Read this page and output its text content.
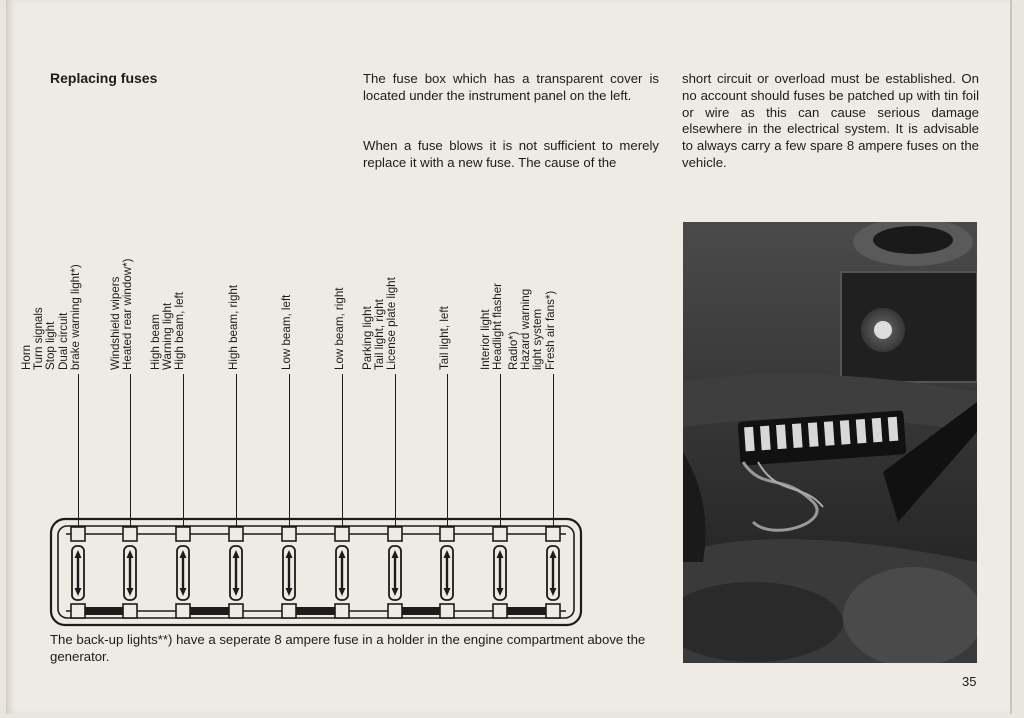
Replacing fuses	The fuse box which has a transparent cover is located under the instrument panel on the left.

When a fuse blows it is not sufficient to merely replace it with a new fuse. The cause of the

short circuit or overload must be established. On no account should fuses be patched up with tin foil or wire as this can cause serious damage elsewhere in the electrical system. It is advisable to always carry a few spare 8 ampere fuses on the vehicle.

Horn Turn signals Stop light Dual circuit brake warning light*) Windshield wipers Heated rear window*) High beam Warning light High beam, left	High beam, right	Low beam, left	Low beam, right Parking light Tail light, right License plate light	Tail light, left Interior light Headlight flasher Radio*) Hazard warning light system Fresh air fans*)

The back-up lights**) have a seperate 8 ampere fuse in a holder in the engine compartment above the generator.

35
